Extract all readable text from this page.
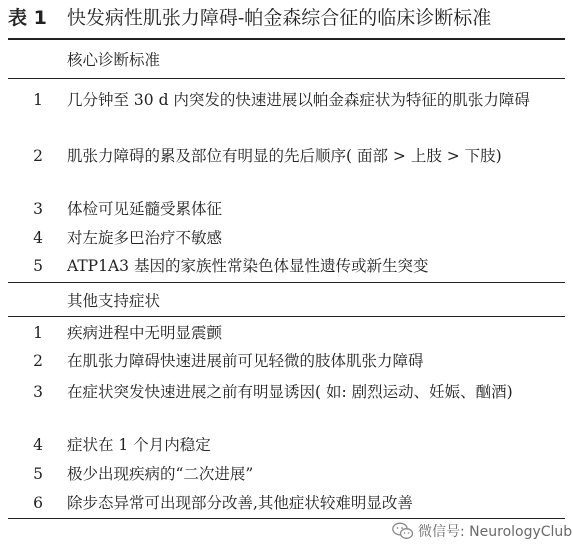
表 1 快发病性肌张力障碍-帕金森综合征的临床诊断标准
核心诊断标准
1 几分钟至 30 d 内突发的快速进展以帕金森症状为特征的肌张力障碍
2 肌张力障碍的累及部位有明显的先后顺序( 面部 > 上肢 > 下肢)
3 体检可见延髓受累体征
4 对左旋多巴治疗不敏感
5 ATP1A3 基因的家族性常染色体显性遗传或新生突变
其他支持症状
1 疾病进程中无明显震颤
2 在肌张力障碍快速进展前可见轻微的肢体肌张力障碍
3 在症状突发快速进展之前有明显诱因( 如: 剧烈运动、妊娠、酗酒)
4 症状在 1 个月内稳定
5 极少出现疾病的“二次进展”
6 除步态异常可出现部分改善,其他症状较难明显改善
微信号: NeurologyClub
